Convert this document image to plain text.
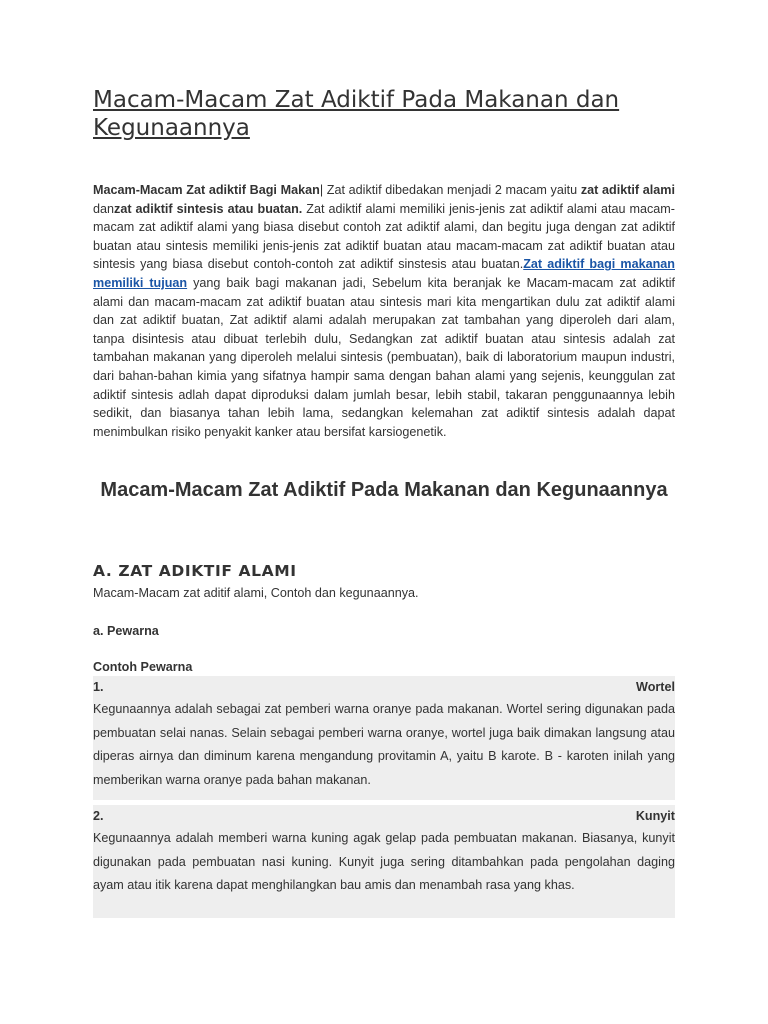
Macam-Macam Zat Adiktif Pada Makanan dan Kegunaannya

Macam-Macam Zat adiktif Bagi Makan| Zat adiktif dibedakan menjadi 2 macam yaitu zat adiktif alami danzat adiktif sintesis atau buatan. Zat adiktif alami memiliki jenis-jenis zat adiktif alami atau macam-macam zat adiktif alami yang biasa disebut contoh zat adiktif alami, dan begitu juga dengan zat adiktif buatan atau sintesis memiliki jenis-jenis zat adiktif buatan atau macam-macam zat adiktif buatan atau sintesis yang biasa disebut contoh-contoh zat adiktif sinstesis atau buatan.Zat adiktif bagi makanan memiliki tujuan yang baik bagi makanan jadi, Sebelum kita beranjak ke Macam-macam zat adiktif alami dan macam-macam zat adiktif buatan atau sintesis mari kita mengartikan dulu zat adiktif alami dan zat adiktif buatan, Zat adiktif alami adalah merupakan zat tambahan yang diperoleh dari alam, tanpa disintesis atau dibuat terlebih dulu, Sedangkan zat adiktif buatan atau sintesis adalah zat tambahan makanan yang diperoleh melalui sintesis (pembuatan), baik di laboratorium maupun industri, dari bahan-bahan kimia yang sifatnya hampir sama dengan bahan alami yang sejenis, keunggulan zat adiktif sintesis adlah dapat diproduksi dalam jumlah besar, lebih stabil, takaran penggunaannya lebih sedikit, dan biasanya tahan lebih lama, sedangkan kelemahan zat adiktif sintesis adalah dapat menimbulkan risiko penyakit kanker atau bersifat karsiogenetik.

Macam-Macam Zat Adiktif Pada Makanan dan Kegunaannya
A. ZAT ADIKTIF ALAMI

Macam-Macam zat aditif alami, Contoh dan kegunaannya.

a. Pewarna

Contoh Pewarna

1.	Wortel

Kegunaannya adalah sebagai zat pemberi warna oranye pada makanan. Wortel sering digunakan pada pembuatan selai nanas. Selain sebagai pemberi warna oranye, wortel juga baik dimakan langsung atau diperas airnya dan diminum karena mengandung provitamin A, yaitu B karote. B - karoten inilah yang memberikan warna oranye pada bahan makanan.

2.	Kunyit

Kegunaannya adalah memberi warna kuning agak gelap pada pembuatan makanan. Biasanya, kunyit digunakan pada pembuatan nasi kuning. Kunyit juga sering ditambahkan pada pengolahan daging ayam atau itik karena dapat menghilangkan bau amis dan menambah rasa yang khas.
